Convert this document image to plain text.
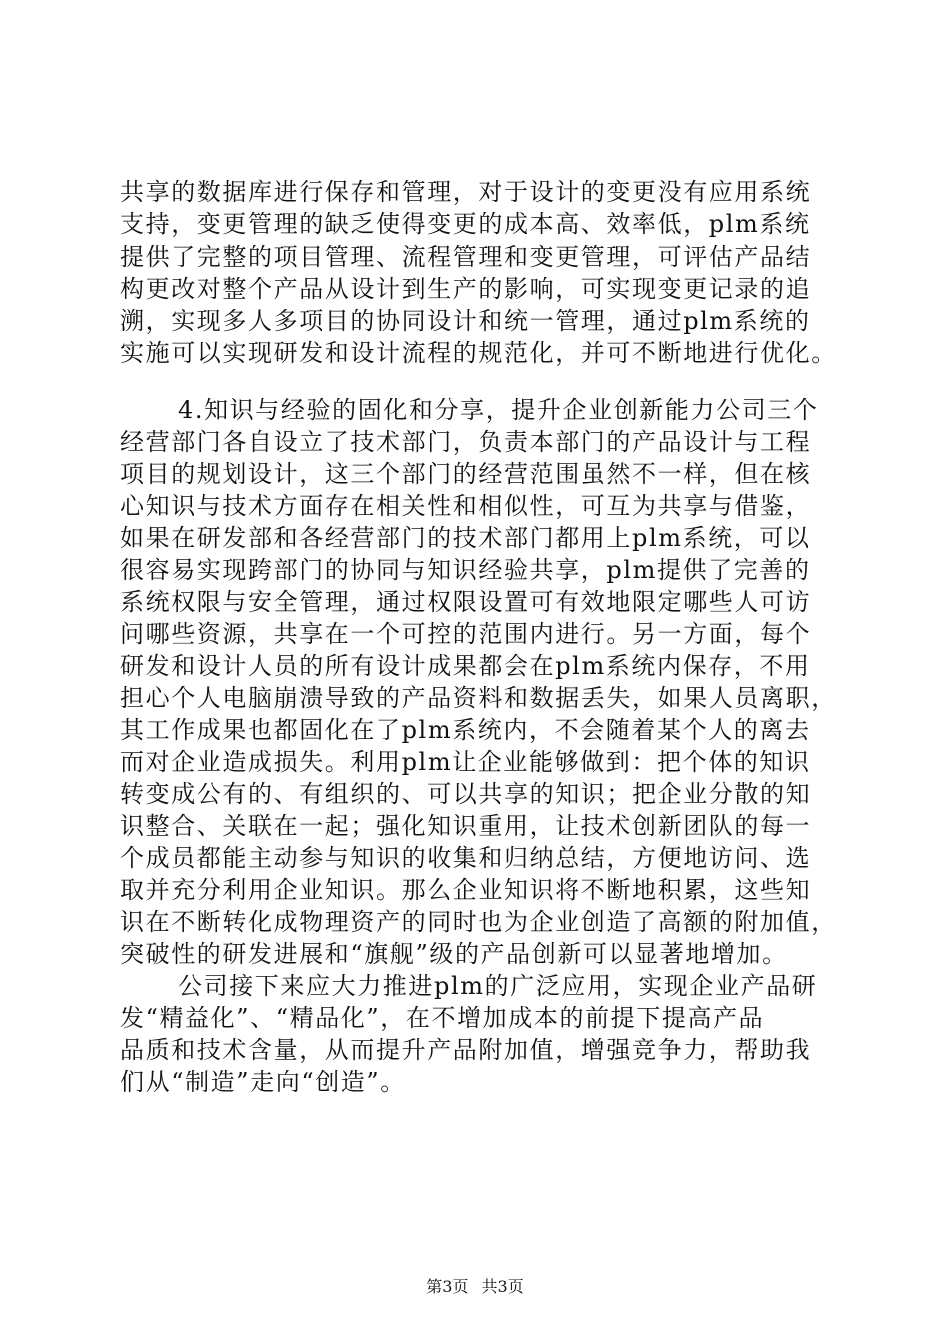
共享的数据库进行保存和管理，对于设计的变更没有应用系统
支持，变更管理的缺乏使得变更的成本高、效率低，plm系统
提供了完整的项目管理、流程管理和变更管理，可评估产品结
构更改对整个产品从设计到生产的影响，可实现变更记录的追
溯，实现多人多项目的协同设计和统一管理，通过plm系统的
实施可以实现研发和设计流程的规范化，并可不断地进行优化。
4.知识与经验的固化和分享，提升企业创新能力公司三个
经营部门各自设立了技术部门，负责本部门的产品设计与工程
项目的规划设计，这三个部门的经营范围虽然不一样，但在核
心知识与技术方面存在相关性和相似性，可互为共享与借鉴，
如果在研发部和各经营部门的技术部门都用上plm系统，可以
很容易实现跨部门的协同与知识经验共享，plm提供了完善的
系统权限与安全管理，通过权限设置可有效地限定哪些人可访
问哪些资源，共享在一个可控的范围内进行。另一方面，每个
研发和设计人员的所有设计成果都会在plm系统内保存，不用
担心个人电脑崩溃导致的产品资料和数据丢失，如果人员离职，
其工作成果也都固化在了plm系统内，不会随着某个人的离去
而对企业造成损失。利用plm让企业能够做到：把个体的知识
转变成公有的、有组织的、可以共享的知识；把企业分散的知
识整合、关联在一起；强化知识重用，让技术创新团队的每一
个成员都能主动参与知识的收集和归纳总结，方便地访问、选
取并充分利用企业知识。那么企业知识将不断地积累，这些知
识在不断转化成物理资产的同时也为企业创造了高额的附加值，
突破性的研发进展和“旗舰”级的产品创新可以显著地增加。
公司接下来应大力推进plm的广泛应用，实现企业产品研
发“精益化”、“精品化”，在不增加成本的前提下提高产品
品质和技术含量，从而提升产品附加值，增强竞争力，帮助我
们从“制造”走向“创造”。
第3页 共3页
